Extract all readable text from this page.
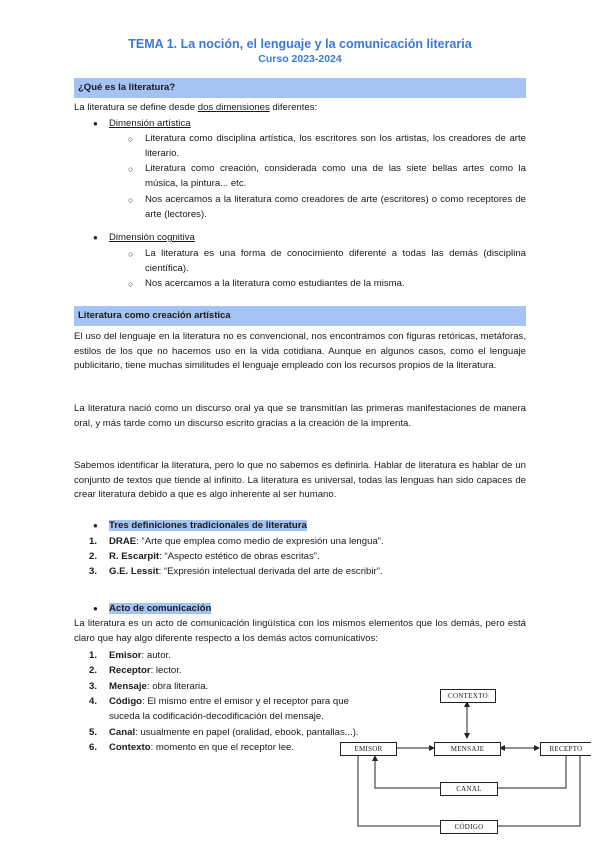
TEMA 1. La noción, el lenguaje y la comunicación literaria
Curso 2023-2024
¿Qué es la literatura?
La literatura se define desde dos dimensiones diferentes:
● Dimensión artística
○ Literatura como disciplina artística, los escritores son los artistas, los creadores de arte literario.
○ Literatura como creación, considerada como una de las siete bellas artes como la música, la pintura... etc.
○ Nos acercamos a la literatura como creadores de arte (escritores) o como receptores de arte (lectores).
● Dimensión cognitiva
○ La literatura es una forma de conocimiento diferente a todas las demás (disciplina científica).
○ Nos acercamos a la literatura como estudiantes de la misma.
Literatura como creación artística
El uso del lenguaje en la literatura no es convencional, nos encontramos con figuras retóricas, metáforas, estilos de los que no hacemos uso en la vida cotidiana. Aunque en algunos casos, como el lenguaje publicitario, tiene muchas similitudes el lenguaje empleado con los recursos propios de la literatura.
La literatura nació como un discurso oral ya que se transmitían las primeras manifestaciones de manera oral, y más tarde como un discurso escrito gracias a la creación de la imprenta.
Sabemos identificar la literatura, pero lo que no sabemos es definirla. Hablar de literatura es hablar de un conjunto de textos que tiende al infinito. La literatura es universal, todas las lenguas han sido capaces de crear literatura debido a que es algo inherente al ser humano.
● Tres definiciones tradicionales de literatura
1. DRAE: “Arte que emplea como medio de expresión una lengua”.
2. R. Escarpit: “Aspecto estético de obras escritas”.
3. G.E. Lessit: “Expresión intelectual derivada del arte de escribir”.
● Acto de comunicación
La literatura es un acto de comunicación lingüística con los mismos elementos que los demás, pero está claro que hay algo diferente respecto a los demás actos comunicativos:
1. Emisor: autor.
2. Receptor: lector.
3. Mensaje: obra literaria.
4. Código: El mismo entre el emisor y el receptor para que suceda la codificación-decodificación del mensaje.
5. Canal: usualmente en papel (oralidad, ebook, pantallas...).
6. Contexto: momento en que el receptor lee.
CONTEXTO
EMISOR	MENSAJE	RECEPTO
CANAL
CÓDIGO
